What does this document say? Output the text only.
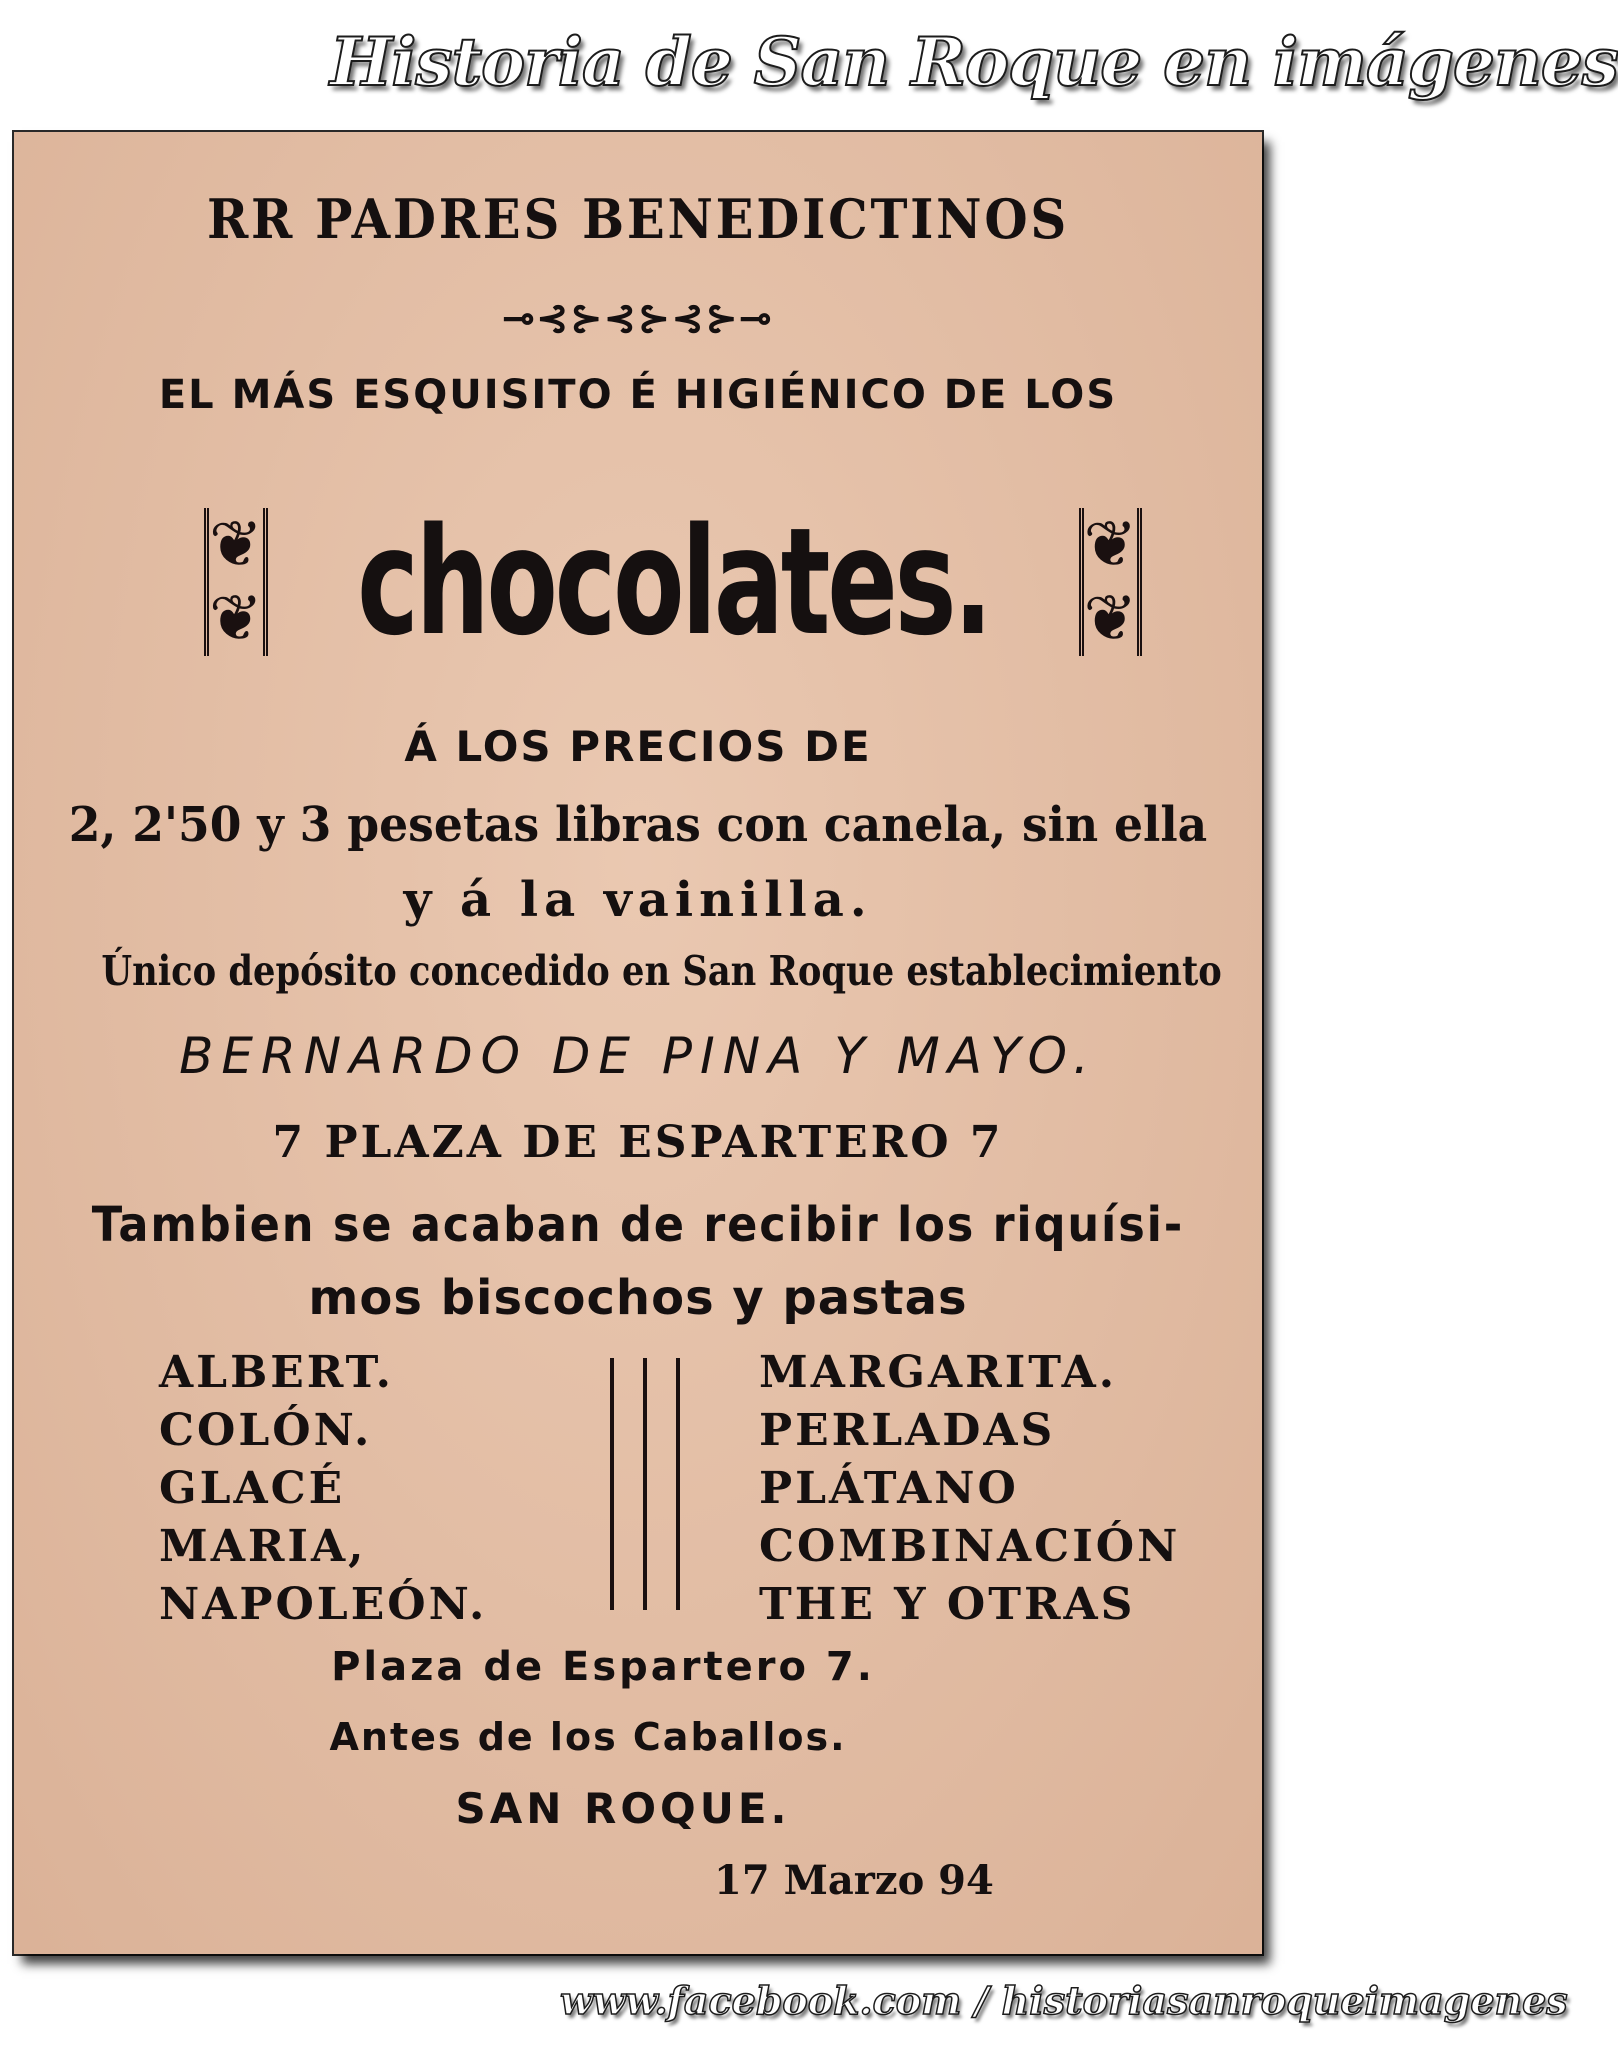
Historia de San Roque en imágenes
RR PADRES BENEDICTINOS
⊸⊰⊱⊰⊱⊰⊱⊸
EL MÁS ESQUISITO É HIGIÉNICO DE LOS
❦
❦ chocolates. ❦
❦
Á LOS PRECIOS DE
2, 2'50 y 3 pesetas libras con canela, sin ella
y á la vainilla.
Único depósito concedido en San Roque establecimiento
BERNARDO DE PINA Y MAYO.
7 PLAZA DE ESPARTERO 7
Tambien se acaban de recibir los riquísi-
mos biscochos y pastas
ALBERT.
COLÓN.
GLACÉ
MARIA,
NAPOLEÓN.
MARGARITA.
PERLADAS
PLÁTANO
COMBINACIÓN
THE Y OTRAS
Plaza de Espartero 7.
Antes de los Caballos.
SAN ROQUE.
17 Marzo 94
www.facebook.com / historiasanroqueimagenes
